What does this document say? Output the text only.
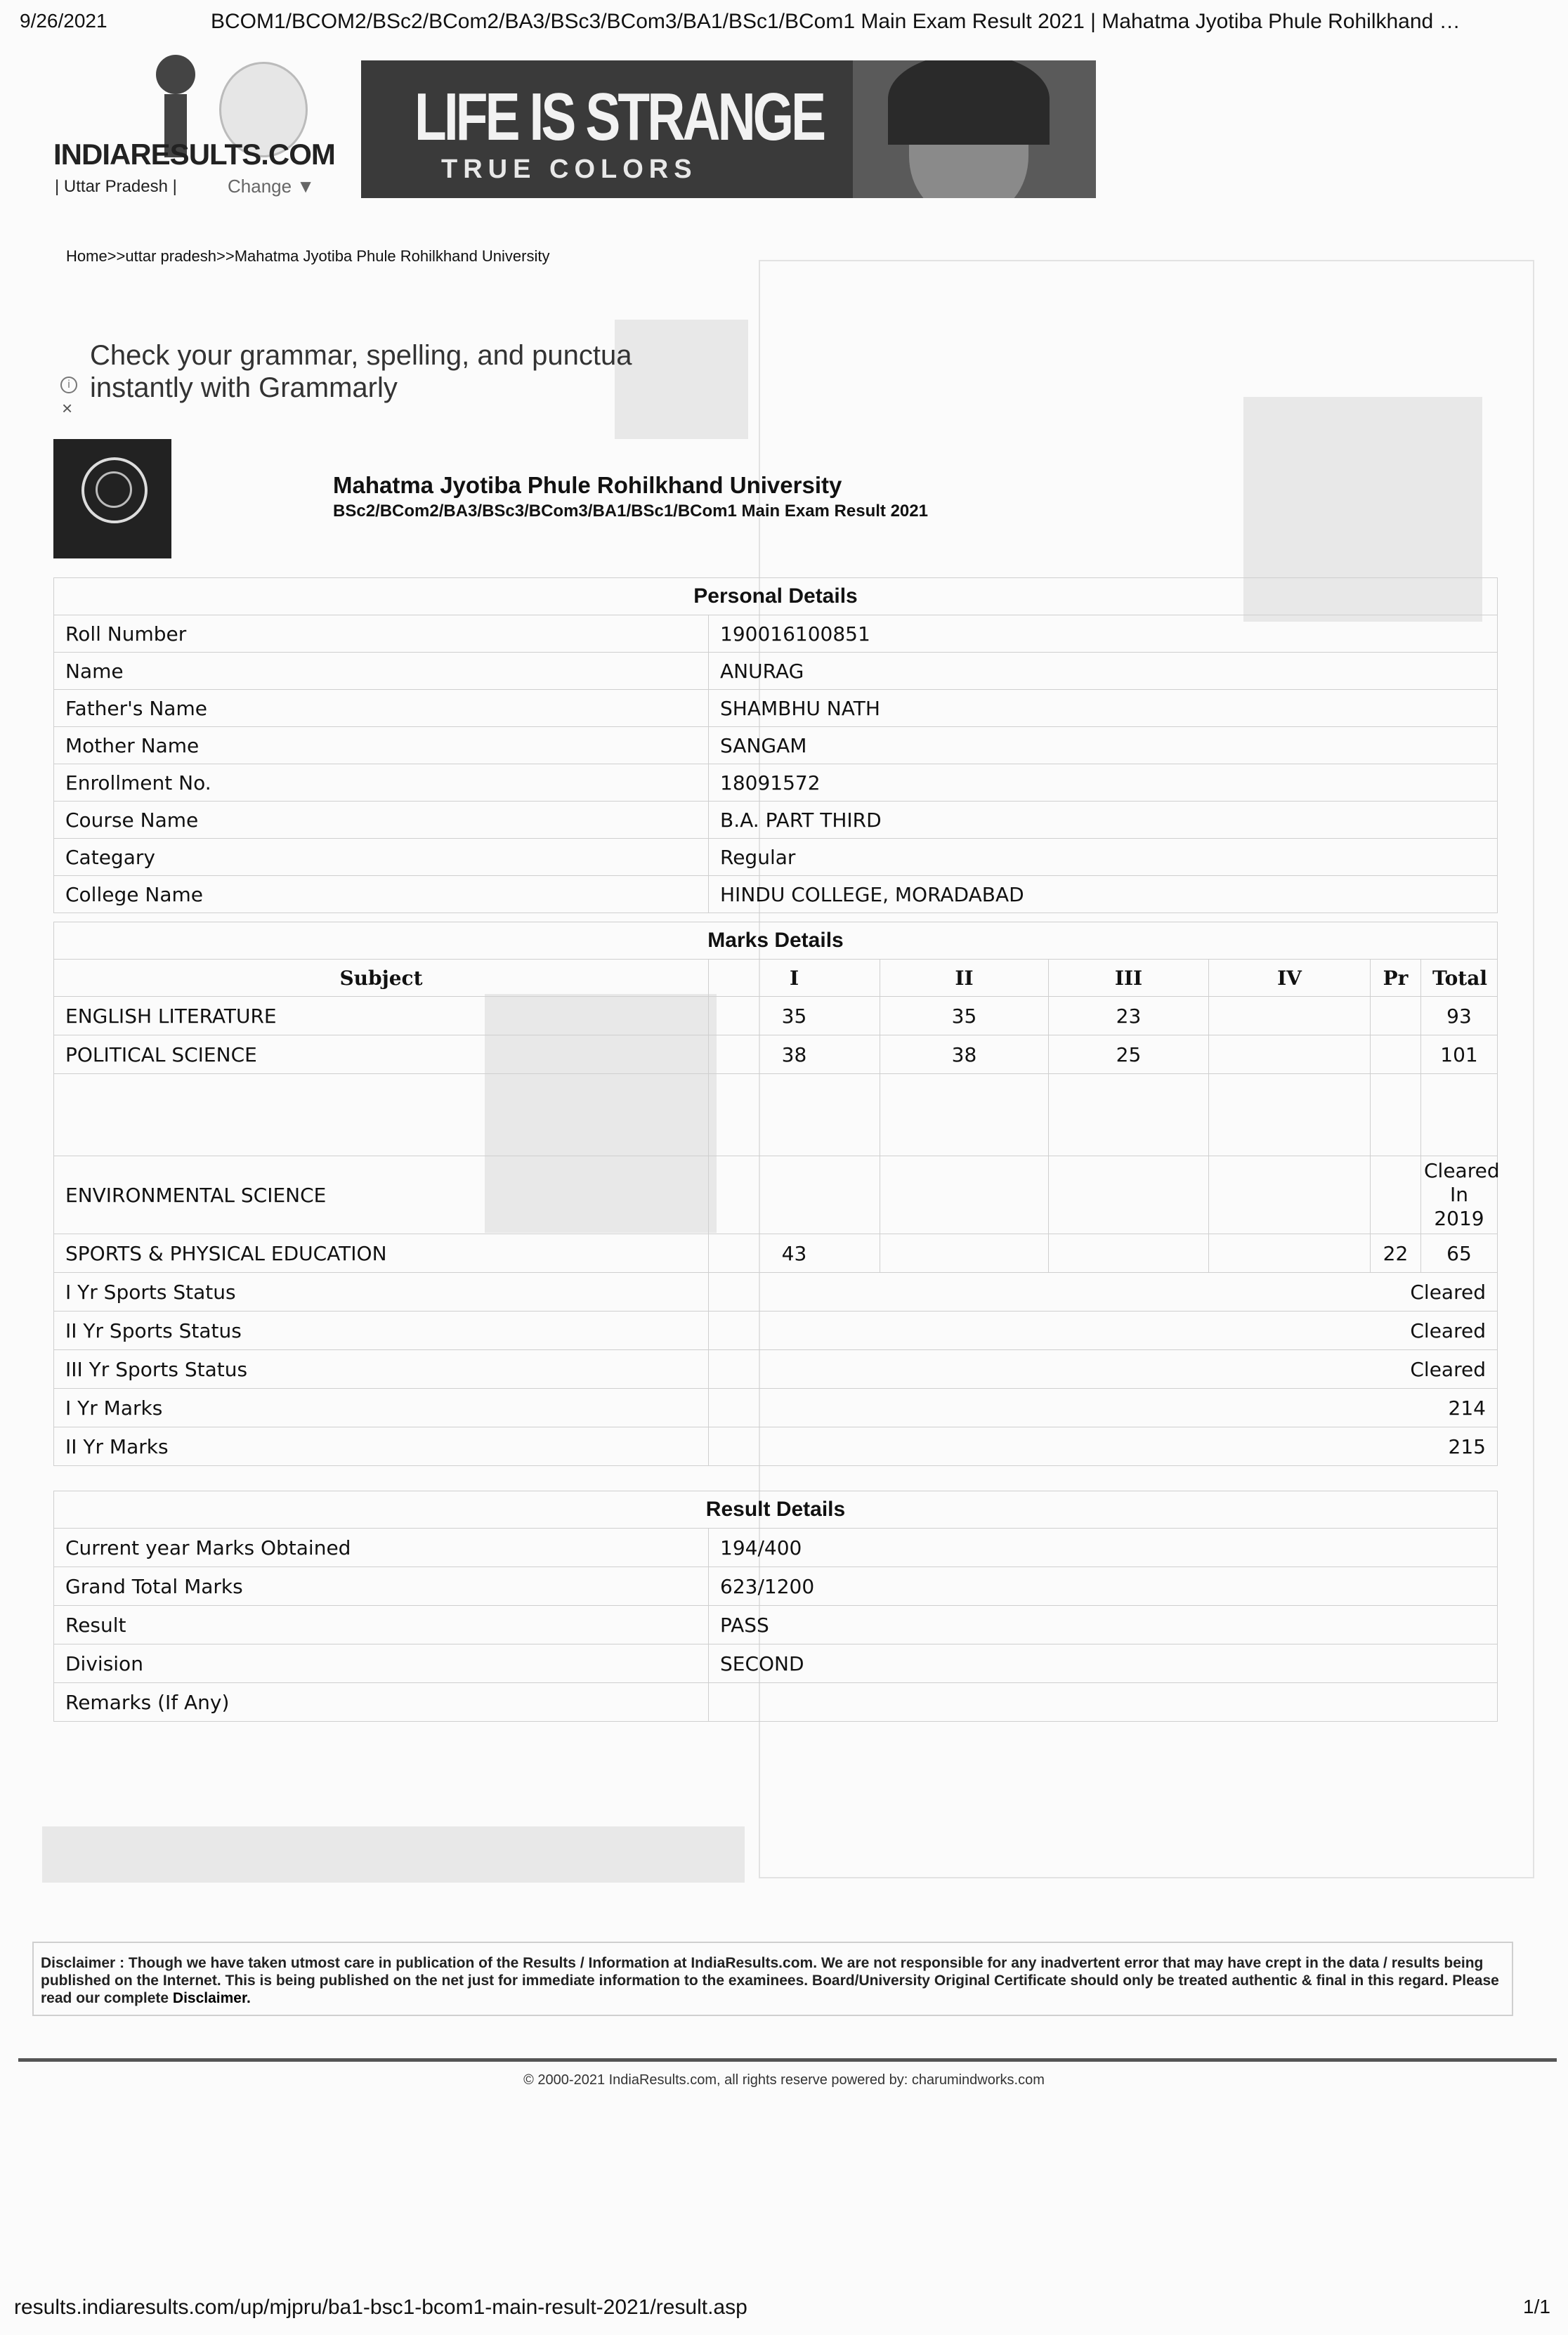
9/26/2021	BCOM1/BCOM2/BSc2/BCom2/BA3/BSc3/BCom3/BA1/BSc1/BCom1 Main Exam Result 2021 | Mahatma Jyotiba Phule Rohilkhand …
INDIARESULTS.COM
| Uttar Pradesh |	Change ▼
LIFE IS STRANGE
TRUE COLORS
Home>>uttar pradesh>>Mahatma Jyotiba Phule Rohilkhand University
Check your grammar, spelling, and punctua
i instantly with Grammarly
×
Mahatma Jyotiba Phule Rohilkhand University
BSc2/BCom2/BA3/BSc3/BCom3/BA1/BSc1/BCom1 Main Exam Result 2021
Personal Details	
Roll Number	190016100851
Name	ANURAG
Father's Name	SHAMBHU NATH
Mother Name	SANGAM
Enrollment No.	18091572
Course Name	B.A. PART THIRD
Categary	Regular
College Name	HINDU COLLEGE, MORADABAD
Marks Details						
Subject	I	II	III	IV	Pr	Total
ENGLISH LITERATURE	35	35	23			93
POLITICAL SCIENCE	38	38	25			101

ENVIRONMENTAL SCIENCE						Cleared In 2019
SPORTS & PHYSICAL EDUCATION	43				22	65
I Yr Sports Status	Cleared					
II Yr Sports Status	Cleared					
III Yr Sports Status	Cleared					
I Yr Marks	214					
II Yr Marks	215					
Result Details	
Current year Marks Obtained	194/400
Grand Total Marks	623/1200
Result	PASS
Division	SECOND
Remarks (If Any)	
Disclaimer : Though we have taken utmost care in publication of the Results / Information at IndiaResults.com. We are not responsible for any inadvertent error that may have crept in the data / results being published on the Internet. This is being published on the net just for immediate information to the examinees. Board/University Original Certificate should only be treated authentic & final in this regard. Please read our complete Disclaimer.
© 2000-2021 IndiaResults.com, all rights reserve powered by: charumindworks.com
results.indiaresults.com/up/mjpru/ba1-bsc1-bcom1-main-result-2021/result.asp	1/1
